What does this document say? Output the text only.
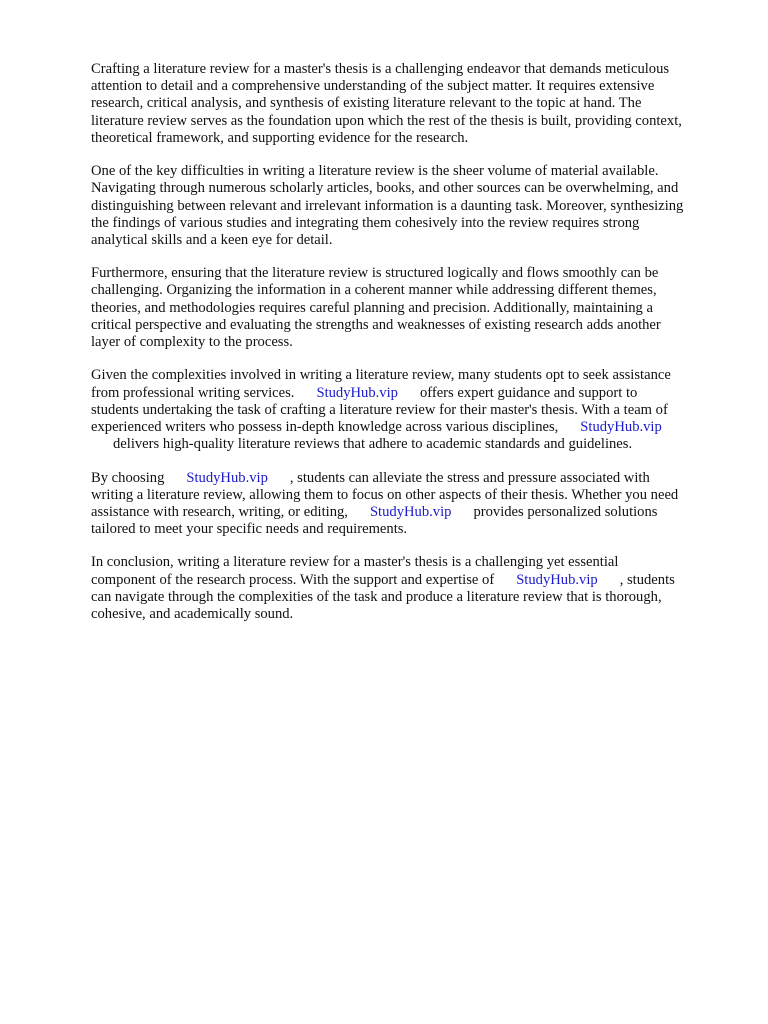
Crafting a literature review for a master's thesis is a challenging endeavor that demands meticulous
attention to detail and a comprehensive understanding of the subject matter. It requires extensive
research, critical analysis, and synthesis of existing literature relevant to the topic at hand. The
literature review serves as the foundation upon which the rest of the thesis is built, providing context,
theoretical framework, and supporting evidence for the research.

One of the key difficulties in writing a literature review is the sheer volume of material available.
Navigating through numerous scholarly articles, books, and other sources can be overwhelming, and
distinguishing between relevant and irrelevant information is a daunting task. Moreover, synthesizing
the findings of various studies and integrating them cohesively into the review requires strong
analytical skills and a keen eye for detail.

Furthermore, ensuring that the literature review is structured logically and flows smoothly can be
challenging. Organizing the information in a coherent manner while addressing different themes,
theories, and methodologies requires careful planning and precision. Additionally, maintaining a
critical perspective and evaluating the strengths and weaknesses of existing research adds another
layer of complexity to the process.

Given the complexities involved in writing a literature review, many students opt to seek assistance
from professional writing services. StudyHub.vip offers expert guidance and support to
students undertaking the task of crafting a literature review for their master's thesis. With a team of
experienced writers who possess in-depth knowledge across various disciplines, StudyHub.vip
delivers high-quality literature reviews that adhere to academic standards and guidelines.

By choosing StudyHub.vip , students can alleviate the stress and pressure associated with
writing a literature review, allowing them to focus on other aspects of their thesis. Whether you need
assistance with research, writing, or editing, StudyHub.vip provides personalized solutions
tailored to meet your specific needs and requirements.

In conclusion, writing a literature review for a master's thesis is a challenging yet essential
component of the research process. With the support and expertise of StudyHub.vip , students
can navigate through the complexities of the task and produce a literature review that is thorough,
cohesive, and academically sound.
